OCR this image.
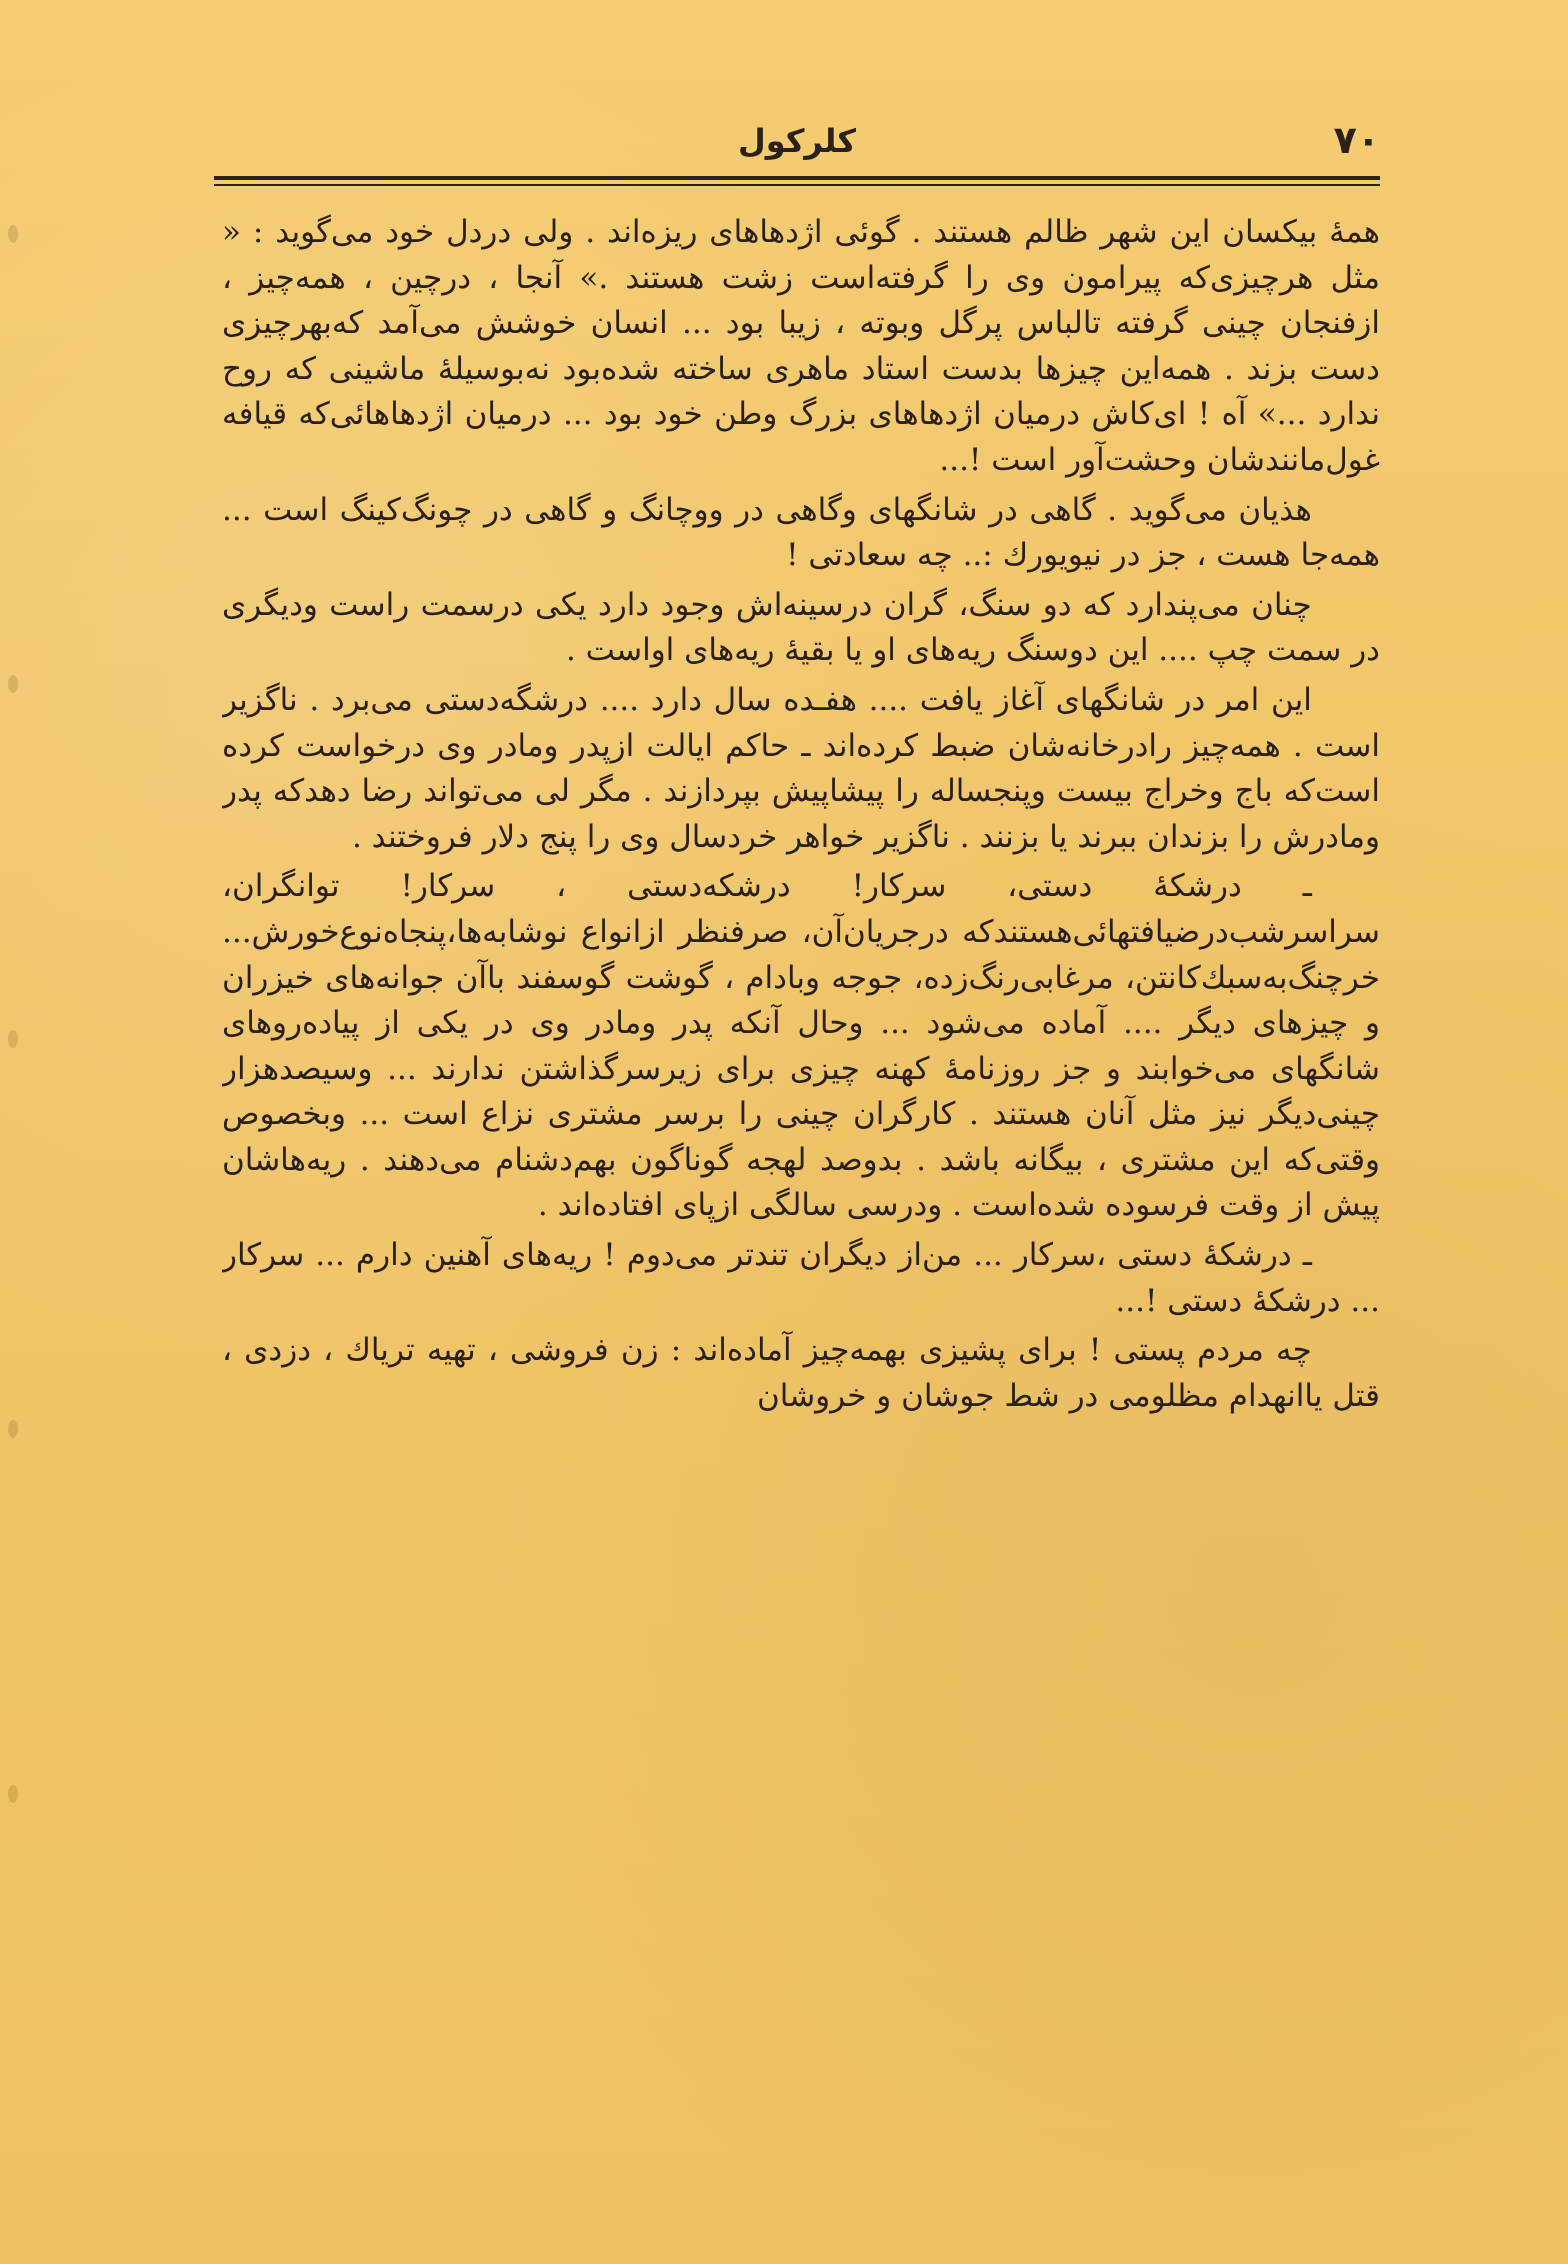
۷۰
کلرکول

همهٔ بیکسان این شهر ظالم هستند . گوئی اژدهاهای ریزه‌اند . ولی دردل خود می‌گوید : « مثل هرچیزی‌که پیرامون وی را گرفته‌است زشت هستند .» آنجا ، درچین ، همه‌چیز ، ازفنجان چینی گرفته تالباس پرگل وبوته ، زیبا بود ... انسان خوشش می‌آمد که‌بهرچیزی دست بزند . همه‌این چیزها بدست استاد ماهری ساخته شده‌بود نه‌بوسیلهٔ ماشینی که روح ندارد ...» آه ! ای‌کاش درمیان اژدهاهای بزرگ وطن خود بود ... درمیان اژدهاهائی‌که قیافه غول‌مانندشان وحشت‌آور است !...

هذیان می‌گوید . گاهی در شانگهای وگاهی در ووچانگ و گاهی در چونگ‌کینگ است ... همه‌جا هست ، جز در نیویورك :.. چه سعادتی !

چنان می‌پندارد که دو سنگ، گران درسینه‌اش وجود دارد یکی درسمت راست ودیگری در سمت چپ .... این دوسنگ ریه‌های او یا بقیهٔ ریه‌های اواست .

این امر در شانگهای آغاز یافت .... هفـده سال دارد .... درشگه‌دستی می‌برد . ناگزیر است . همه‌چیز رادرخانه‌شان ضبط کرده‌اند ـ حاکم ایالت ازپدر ومادر وی درخواست کرده است‌که باج وخراج بیست وپنجساله را پیشاپیش بپردازند . مگر لی می‌تواند رضا دهدکه پدر ومادرش را بزندان ببرند یا بزنند . ناگزیر خواهر خردسال وی را پنج دلار فروختند .

ـ درشکهٔ دستی، سرکار! درشکه‌دستی ، سرکار! توانگران، سراسرشب‌درضیافتهائی‌هستندکه درجریان‌آن، صرفنظر ازانواع نوشابه‌ها،پنجاه‌نوع‌خورش... خرچنگ‌به‌سبك‌کانتن، مرغابی‌رنگ‌زده، جوجه وبادام ، گوشت گوسفند باآن جوانه‌های خیزران و چیزهای دیگر .... آماده می‌شود ... وحال آنکه پدر ومادر وی در یکی از پیاده‌روهای شانگهای می‌خوابند و جز روزنامهٔ کهنه چیزی برای زیرسرگذاشتن ندارند ... وسیصدهزار چینی‌دیگر نیز مثل آنان هستند . کارگران چینی را برسر مشتری نزاع است ... وبخصوص وقتی‌که این مشتری ، بیگانه باشد . بدوصد لهجه گوناگون بهم‌دشنام می‌دهند . ریه‌هاشان پیش از وقت فرسوده شده‌است . ودرسی سالگی ازپای افتاده‌اند .

ـ درشکهٔ دستی ،سرکار ... من‌از دیگران تندتر می‌دوم ! ریه‌های آهنین دارم ... سرکار ... درشکهٔ دستی !...

چه مردم پستی ! برای پشیزی بهمه‌چیز آماده‌اند : زن فروشی ، تهیه تریاك ، دزدی ، قتل یاانهدام مظلومی در شط جوشان و خروشان
